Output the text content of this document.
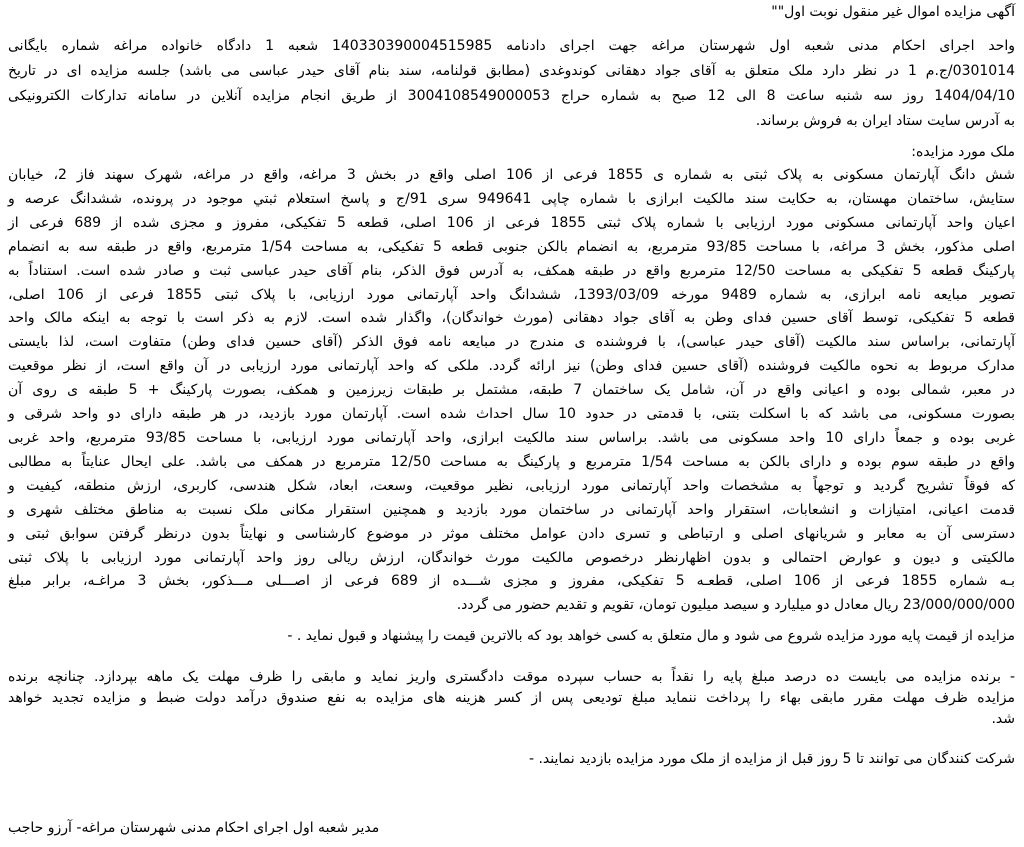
آگهی مزایده اموال غیر منقول نوبت اول""
واحد اجرای احکام مدنی شعبه اول شهرستان مراغه جهت اجرای دادنامه 140330390004515985 شعبه 1 دادگاه خانواده مراغه شماره بایگانی
0301014/ج.م 1 در نظر دارد ملک متعلق به آقای جواد دهقانی کوندوغدی (مطابق قولنامه، سند بنام آقای حیدر عباسی می باشد) جلسه مزایده ای در تاریخ
1404/04/10 روز سه شنبه ساعت 8 الی 12 صبح به شماره حراج 3004108549000053 از طریق انجام مزایده آنلاین در سامانه تدارکات الکترونیکی
به آدرس سایت ستاد ایران به فروش برساند.
ملک مورد مزایده:
شش دانگ آپارتمان مسکونی به پلاک ثبتی به شماره ی 1855 فرعی از 106 اصلی واقع در بخش 3 مراغه، واقع در مراغه، شهرک سهند فاز 2، خیابان
ستایش، ساختمان مهستان، به حکایت سند مالکیت ابرازی با شماره چاپی 949641 سری 91/ج و پاسخ استعلام ثبتي موجود در پرونده، ششدانگ عرصه و
اعیان واحد آپارتمانی مسکونی مورد ارزیابی با شماره پلاک ثبتی 1855 فرعی از 106 اصلی، قطعه 5 تفکیکی، مفروز و مجزی شده از 689 فرعی از
اصلی مذکور، بخش 3 مراغه، با مساحت 93/85 مترمربع، به انضمام بالکن جنوبی قطعه 5 تفکیکی، به مساحت 1/54 مترمربع، واقع در طبقه سه به انضمام
پارکینگ قطعه 5 تفکیکی به مساحت 12/50 مترمربع واقع در طبقه همکف، به آدرس فوق الذکر، بنام آقای حیدر عباسی ثبت و صادر شده است. استناداً به
تصویر مبایعه نامه ابرازی، به شماره 9489 مورخه 1393/03/09، ششدانگ واحد آپارتمانی مورد ارزیابی، با پلاک ثبتی 1855 فرعی از 106 اصلی،
قطعه 5 تفکیکی، توسط آقای حسین فدای وطن به آقای جواد دهقانی (مورث خواندگان)، واگذار شده است. لازم به ذکر است با توجه به اینکه مالک واحد
آپارتمانی، براساس سند مالکیت (آقای حیدر عباسی)، با فروشنده ی مندرج در مبایعه نامه فوق الذکر (آقای حسین فدای وطن) متفاوت است، لذا بایستی
مدارک مربوط به نحوه مالکیت فروشنده (آقای حسین فدای وطن) نیز ارائه گردد. ملکی که واحد آپارتمانی مورد ارزیابی در آن واقع است، از نظر موقعیت
در معبر، شمالی بوده و اعیانی واقع در آن، شامل یک ساختمان 7 طبقه، مشتمل بر طبقات زیرزمین و همکف، بصورت پارکینگ + 5 طبقه ی روی آن
بصورت مسکونی، می باشد که با اسکلت بتنی، با قدمتی در حدود 10 سال احداث شده است. آپارتمان مورد بازدید، در هر طبقه دارای دو واحد شرقی و
غربی بوده و جمعاً دارای 10 واحد مسکونی می باشد. براساس سند مالکیت ابرازی، واحد آپارتمانی مورد ارزیابی، با مساحت 93/85 مترمربع، واحد غربی
واقع در طبقه سوم بوده و دارای بالکن به مساحت 1/54 مترمربع و پارکینگ به مساحت 12/50 مترمربع در همکف می باشد. علی ایحال عنایتاً به مطالبی
که فوقاً تشریح گردید و توجهاً به مشخصات واحد آپارتمانی مورد ارزیابی، نظیر موقعیت، وسعت، ابعاد، شکل هندسی، کاربری، ارزش منطقه، کیفیت و
قدمت اعیانی، امتیازات و انشعابات، استقرار واحد آپارتمانی در ساختمان مورد بازدید و همچنین استقرار مکانی ملک نسبت به مناطق مختلف شهری و
دسترسی آن به معابر و شریانهای اصلی و ارتباطی و تسری دادن عوامل مختلف موثر در موضوع کارشناسی و نهایتاً بدون درنظر گرفتن سوابق ثبتی و
مالکیتی و دیون و عوارض احتمالی و بدون اظهارنظر درخصوص مالکیت مورث خواندگان، ارزش ریالی روز واحد آپارتمانی مورد ارزیابی با پلاک ثبتی
بـه شماره 1855 فرعی از 106 اصلی، قطعـه 5 تفکیکی، مفروز و مجزی شـــده از 689 فرعی از اصـــلی مـــذکور، بخش 3 مراغـه، برابر مبلغ
23/000/000/000 ریال معادل دو میلیارد و سیصد میلیون تومان، تقویم و تقدیم حضور می گردد.
مزایده از قیمت پایه مورد مزایده شروع می شود و مال متعلق به کسی خواهد بود که بالاترین قیمت را پیشنهاد و قبول نماید . -
- برنده مزایده می بایست ده درصد مبلغ پایه را نقداً به حساب سپرده موقت دادگستری واریز نماید و مابقی را ظرف مهلت یک ماهه بپردازد. چنانچه برنده
مزایده ظرف مهلت مقرر مابقی بهاء را پرداخت ننماید مبلغ تودیعی پس از کسر هزینه های مزایده به نفع صندوق درآمد دولت ضبط و مزایده تجدید خواهد
شد.
شرکت کنندگان می توانند تا 5 روز قبل از مزایده از ملک مورد مزایده بازدید نمایند. -
مدیر شعبه اول اجرای احکام مدنی شهرستان مراغه- آرزو حاجب
